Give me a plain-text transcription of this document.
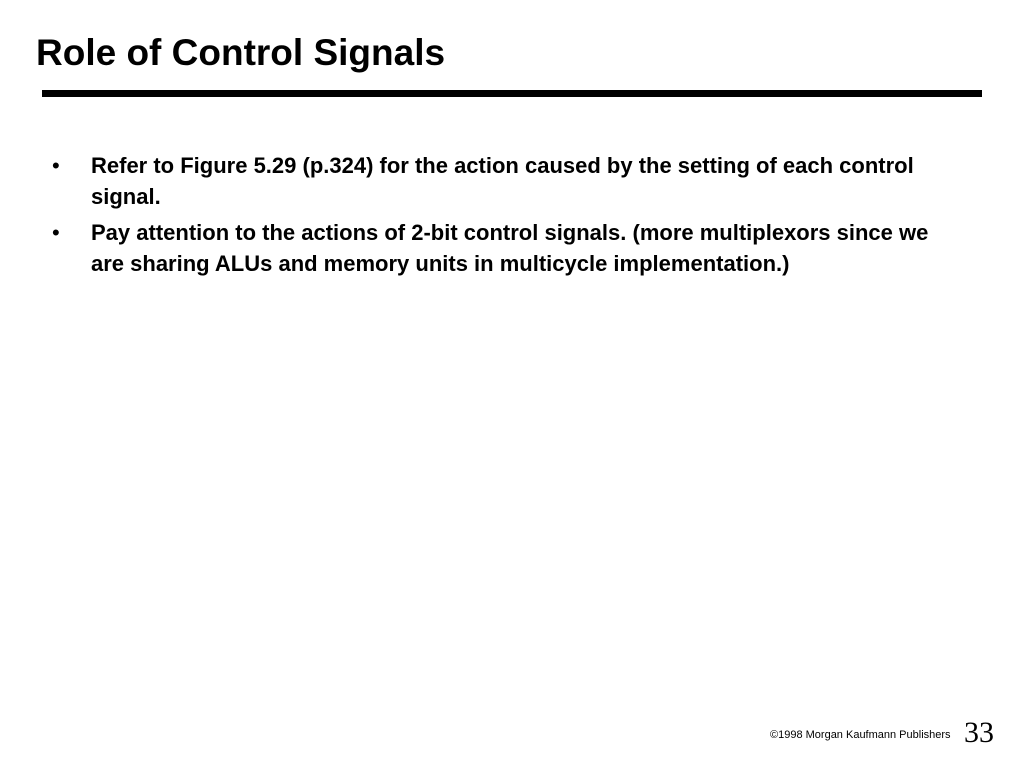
Role of Control Signals
•	Refer to Figure 5.29 (p.324) for the action caused by the setting of each control signal.
•	Pay attention to the actions of 2-bit control signals. (more multiplexors since we are sharing ALUs and memory units in multicycle implementation.)
©1998 Morgan Kaufmann Publishers 33
